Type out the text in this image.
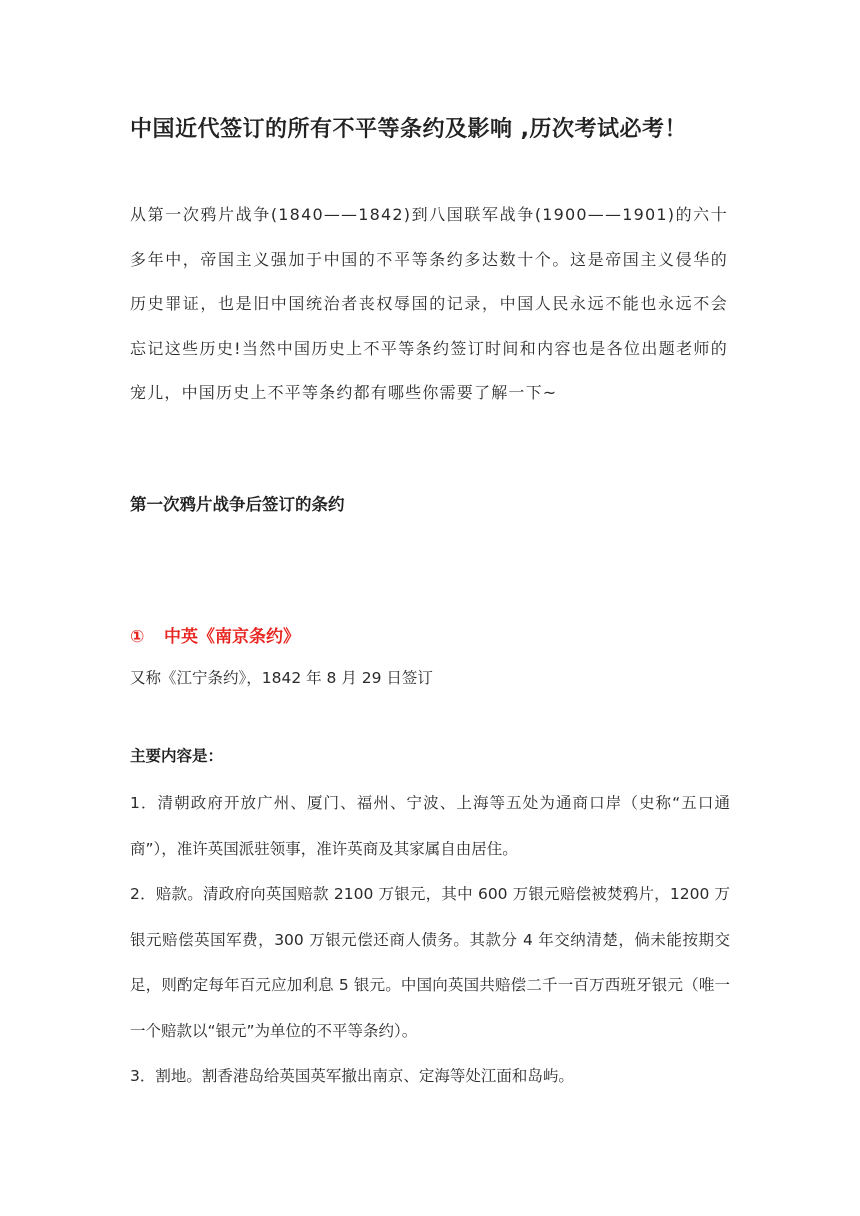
中国近代签订的所有不平等条约及影响 ,历次考试必考！
从第一次鸦片战争(1840——1842)到八国联军战争(1900——1901)的六十多年中，帝国主义强加于中国的不平等条约多达数十个。这是帝国主义侵华的历史罪证，也是旧中国统治者丧权辱国的记录，中国人民永远不能也永远不会忘记这些历史!当然中国历史上不平等条约签订时间和内容也是各位出题老师的宠儿，中国历史上不平等条约都有哪些你需要了解一下~
第一次鸦片战争后签订的条约
① 中英《南京条约》
又称《江宁条约》，1842 年 8 月 29 日签订
主要内容是：

1．清朝政府开放广州、厦门、福州、宁波、上海等五处为通商口岸（史称“五口通商”），准许英国派驻领事，准许英商及其家属自由居住。

2．赔款。清政府向英国赔款 2100 万银元，其中 600 万银元赔偿被焚鸦片，1200 万银元赔偿英国军费，300 万银元偿还商人债务。其款分 4 年交纳清楚，倘未能按期交足，则酌定每年百元应加利息 5 银元。中国向英国共赔偿二千一百万西班牙银元（唯一一个赔款以“银元”为单位的不平等条约）。

3．割地。割香港岛给英国英军撤出南京、定海等处江面和岛屿。
